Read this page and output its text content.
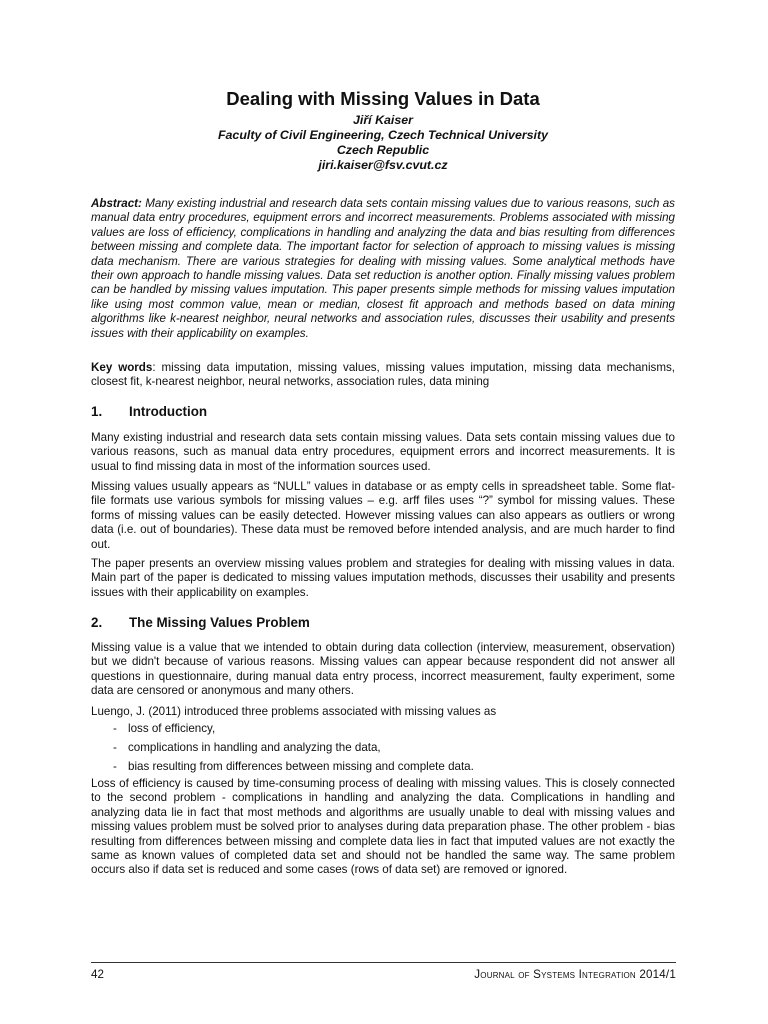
Dealing with Missing Values in Data
Jiří Kaiser
Faculty of Civil Engineering, Czech Technical University
Czech Republic
jiri.kaiser@fsv.cvut.cz

Abstract: Many existing industrial and research data sets contain missing values due to various reasons, such as manual data entry procedures, equipment errors and incorrect measurements. Problems associated with missing values are loss of efficiency, complications in handling and analyzing the data and bias resulting from differences between missing and complete data. The important factor for selection of approach to missing values is missing data mechanism. There are various strategies for dealing with missing values. Some analytical methods have their own approach to handle missing values. Data set reduction is another option. Finally missing values problem can be handled by missing values imputation. This paper presents simple methods for missing values imputation like using most common value, mean or median, closest fit approach and methods based on data mining algorithms like k-nearest neighbor, neural networks and association rules, discusses their usability and presents issues with their applicability on examples.

Key words: missing data imputation, missing values, missing values imputation, missing data mechanisms, closest fit, k-nearest neighbor, neural networks, association rules, data mining

1. Introduction

Many existing industrial and research data sets contain missing values. Data sets contain missing values due to various reasons, such as manual data entry procedures, equipment errors and incorrect measurements. It is usual to find missing data in most of the information sources used.

Missing values usually appears as “NULL” values in database or as empty cells in spreadsheet table. Some flat-file formats use various symbols for missing values – e.g. arff files uses “?” symbol for missing values. These forms of missing values can be easily detected. However missing values can also appears as outliers or wrong data (i.e. out of boundaries). These data must be removed before intended analysis, and are much harder to find out.

The paper presents an overview missing values problem and strategies for dealing with missing values in data. Main part of the paper is dedicated to missing values imputation methods, discusses their usability and presents issues with their applicability on examples.

2. The Missing Values Problem

Missing value is a value that we intended to obtain during data collection (interview, measurement, observation) but we didn't because of various reasons. Missing values can appear because respondent did not answer all questions in questionnaire, during manual data entry process, incorrect measurement, faulty experiment, some data are censored or anonymous and many others.

Luengo, J. (2011) introduced three problems associated with missing values as

- loss of efficiency,
- complications in handling and analyzing the data,
- bias resulting from differences between missing and complete data.

Loss of efficiency is caused by time-consuming process of dealing with missing values. This is closely connected to the second problem - complications in handling and analyzing the data. Complications in handling and analyzing data lie in fact that most methods and algorithms are usually unable to deal with missing values and missing values problem must be solved prior to analyses during data preparation phase. The other problem - bias resulting from differences between missing and complete data lies in fact that imputed values are not exactly the same as known values of completed data set and should not be handled the same way. The same problem occurs also if data set is reduced and some cases (rows of data set) are removed or ignored.

42	Journal of Systems Integration 2014/1
